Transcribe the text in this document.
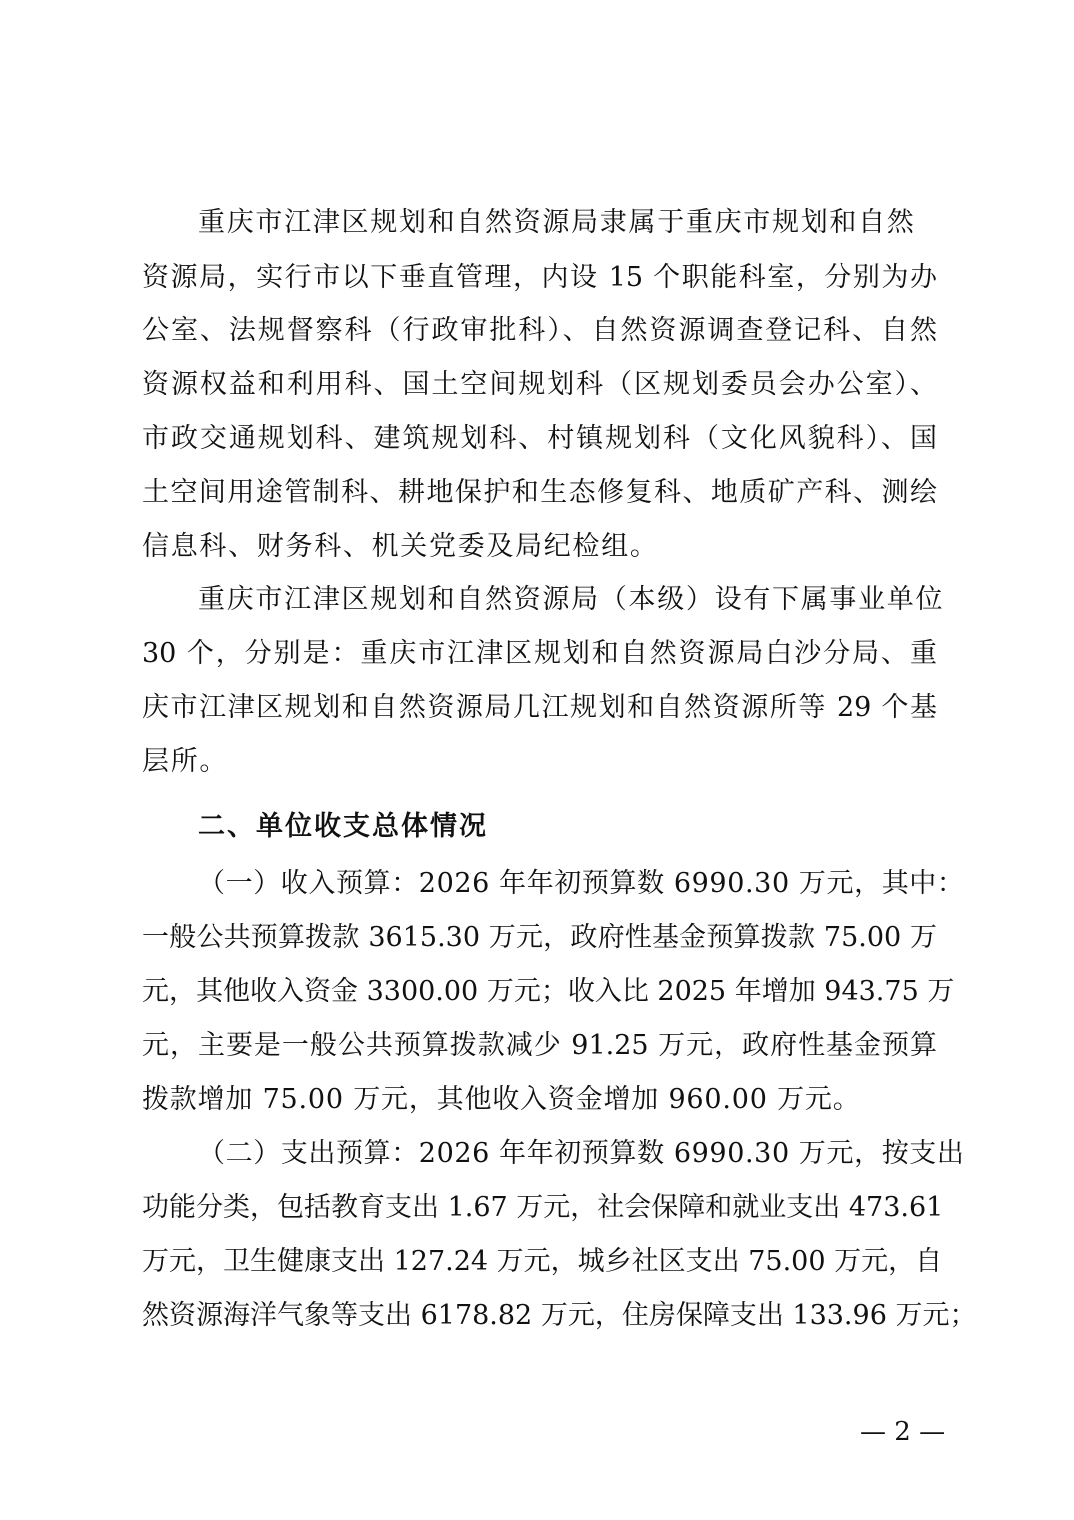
重庆市江津区规划和自然资源局隶属于重庆市规划和自然
资源局，实行市以下垂直管理，内设 15 个职能科室，分别为办
公室、法规督察科（行政审批科）、自然资源调查登记科、自然
资源权益和利用科、国土空间规划科（区规划委员会办公室）、
市政交通规划科、建筑规划科、村镇规划科（文化风貌科）、国
土空间用途管制科、耕地保护和生态修复科、地质矿产科、测绘
信息科、财务科、机关党委及局纪检组。
重庆市江津区规划和自然资源局（本级）设有下属事业单位
30 个，分别是：重庆市江津区规划和自然资源局白沙分局、重
庆市江津区规划和自然资源局几江规划和自然资源所等 29 个基
层所。
二、单位收支总体情况
（一）收入预算：2026 年年初预算数 6990.30 万元，其中：
一般公共预算拨款 3615.30 万元，政府性基金预算拨款 75.00 万
元，其他收入资金 3300.00 万元；收入比 2025 年增加 943.75 万
元，主要是一般公共预算拨款减少 91.25 万元，政府性基金预算
拨款增加 75.00 万元，其他收入资金增加 960.00 万元。
（二）支出预算：2026 年年初预算数 6990.30 万元，按支出
功能分类，包括教育支出 1.67 万元，社会保障和就业支出 473.61
万元，卫生健康支出 127.24 万元，城乡社区支出 75.00 万元，自
然资源海洋气象等支出 6178.82 万元，住房保障支出 133.96 万元；
— 2 —
